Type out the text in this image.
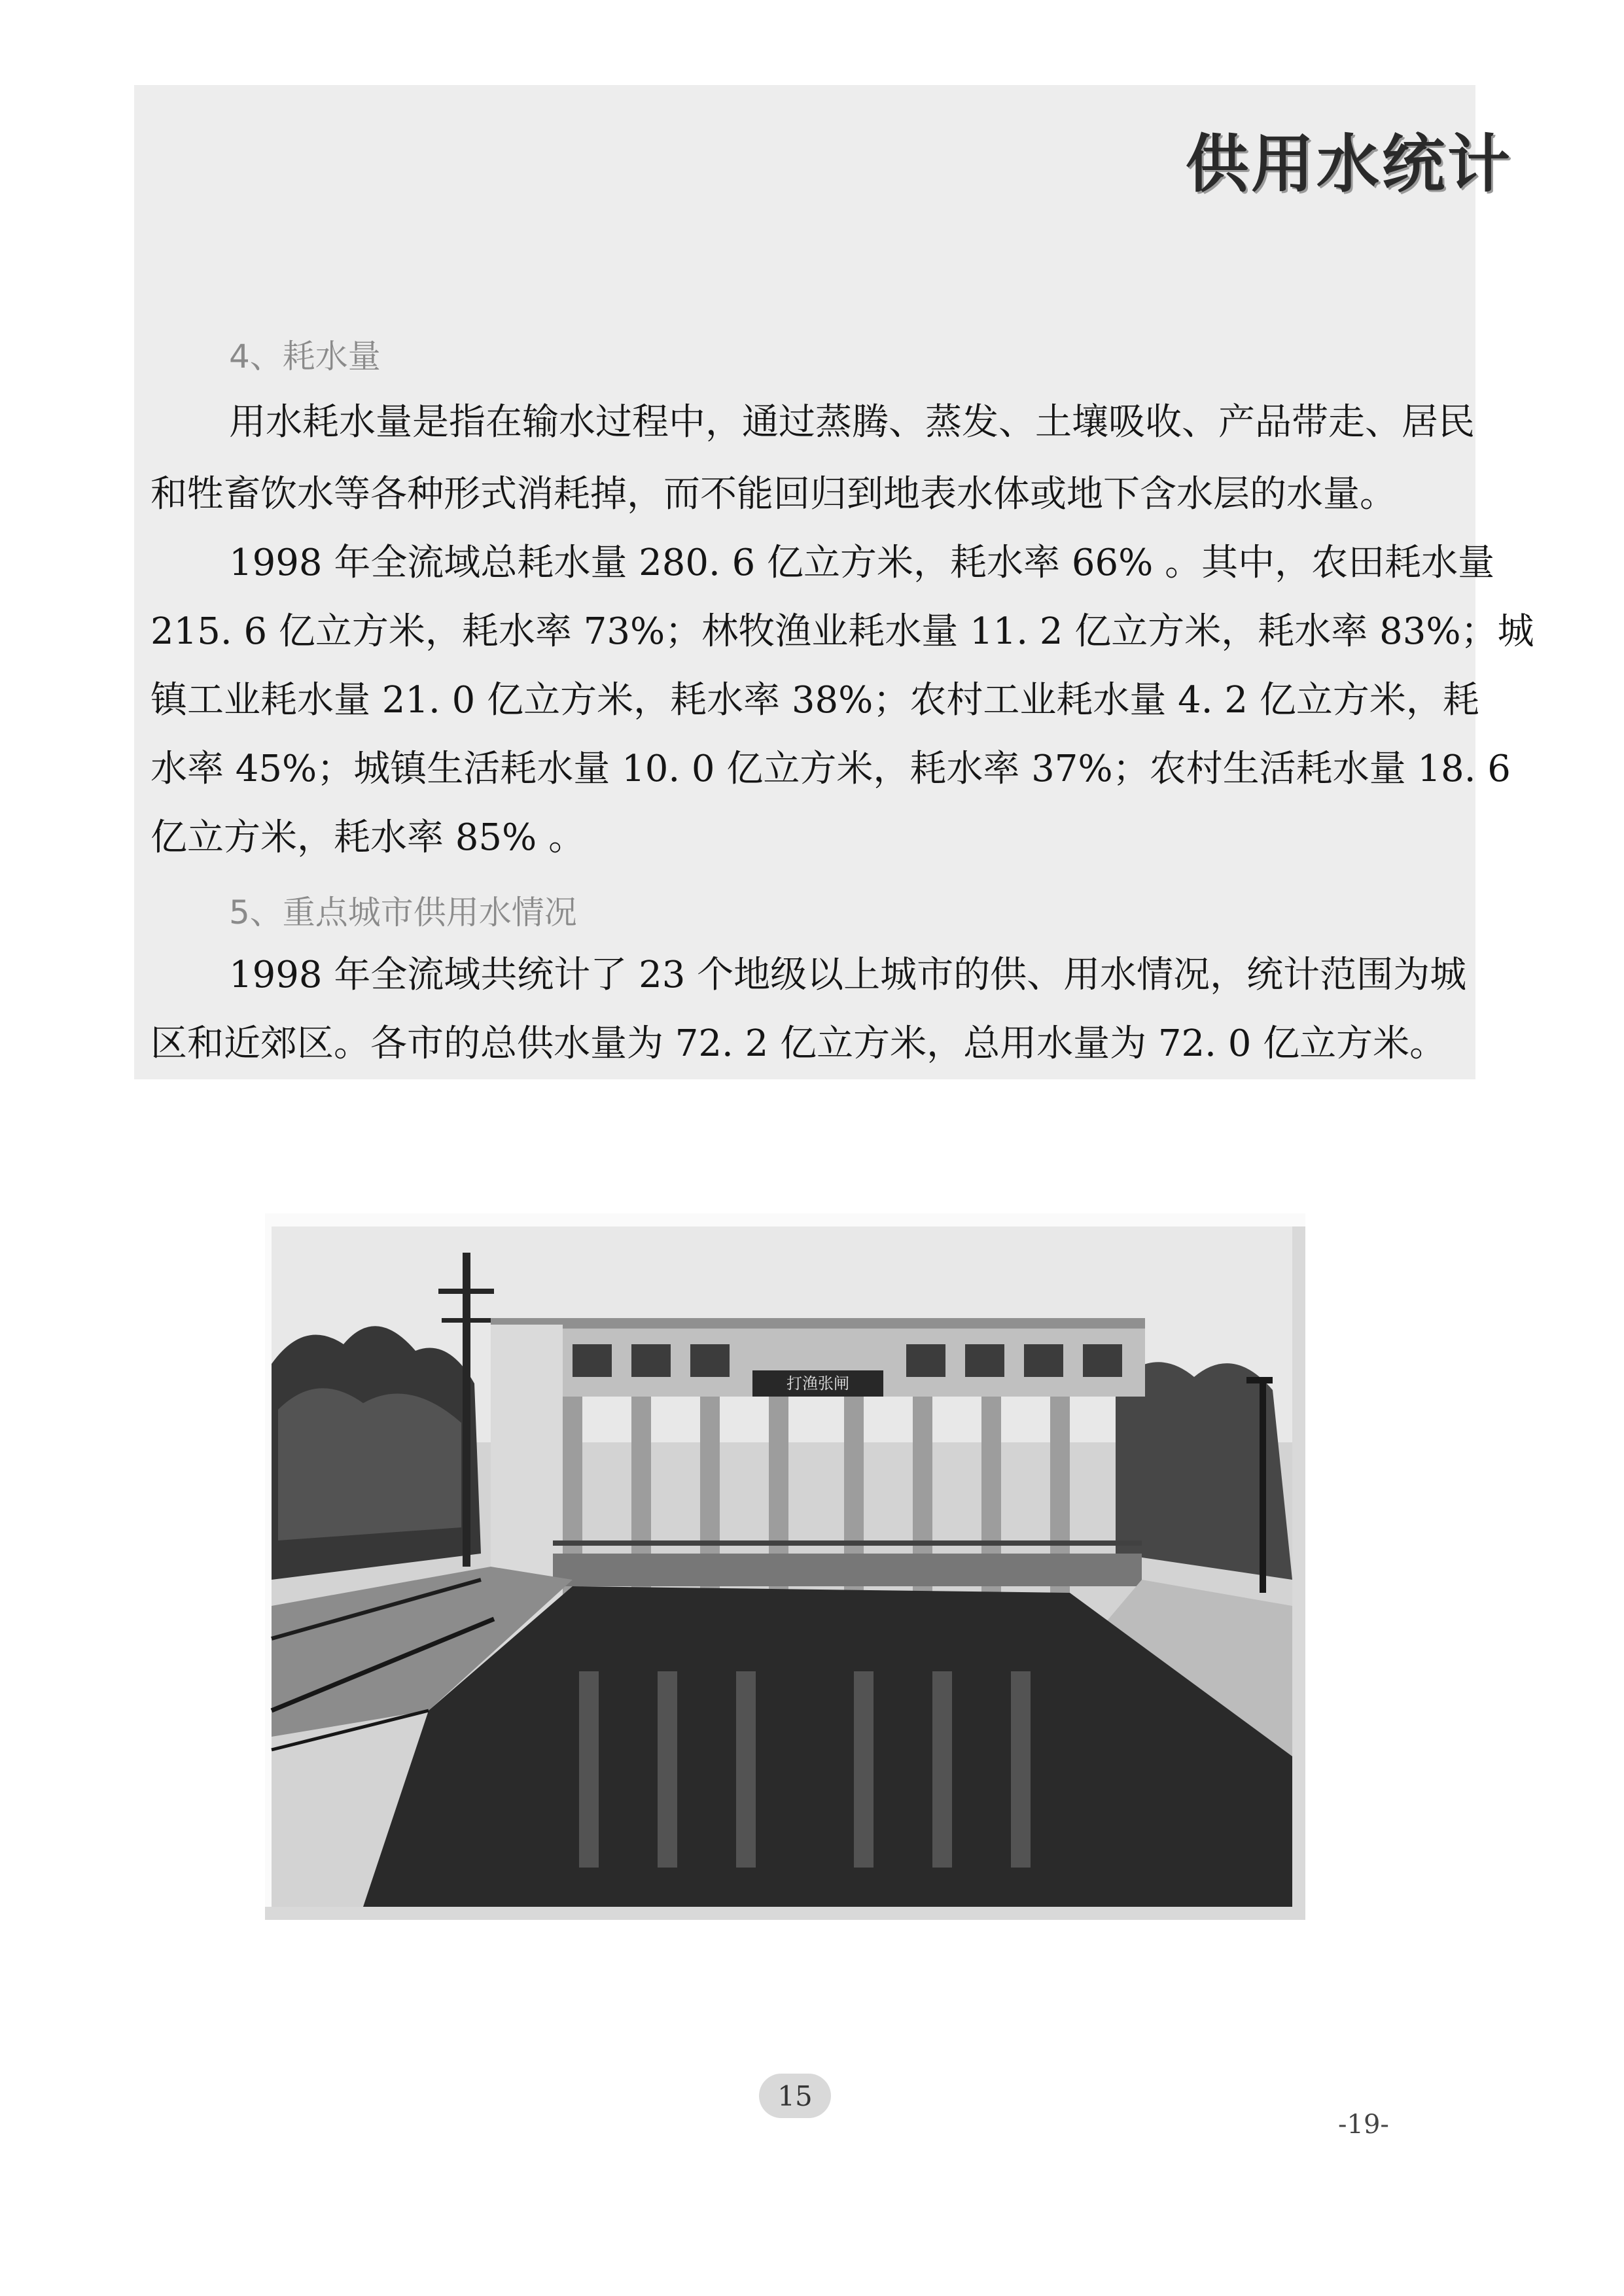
供用水统计
4、耗水量
用水耗水量是指在输水过程中，通过蒸腾、蒸发、土壤吸收、产品带走、居民
和牲畜饮水等各种形式消耗掉，而不能回归到地表水体或地下含水层的水量。
1998 年全流域总耗水量 280. 6 亿立方米，耗水率 66% 。其中，农田耗水量
215. 6 亿立方米，耗水率 73%；林牧渔业耗水量 11. 2 亿立方米，耗水率 83%；城
镇工业耗水量 21. 0 亿立方米，耗水率 38%；农村工业耗水量 4. 2 亿立方米，耗
水率 45%；城镇生活耗水量 10. 0 亿立方米，耗水率 37%；农村生活耗水量 18. 6
亿立方米，耗水率 85% 。
5、重点城市供用水情况
1998 年全流域共统计了 23 个地级以上城市的供、用水情况，统计范围为城
区和近郊区。各市的总供水量为 72. 2 亿立方米，总用水量为 72. 0 亿立方米。
打渔张闸
15
-19-
